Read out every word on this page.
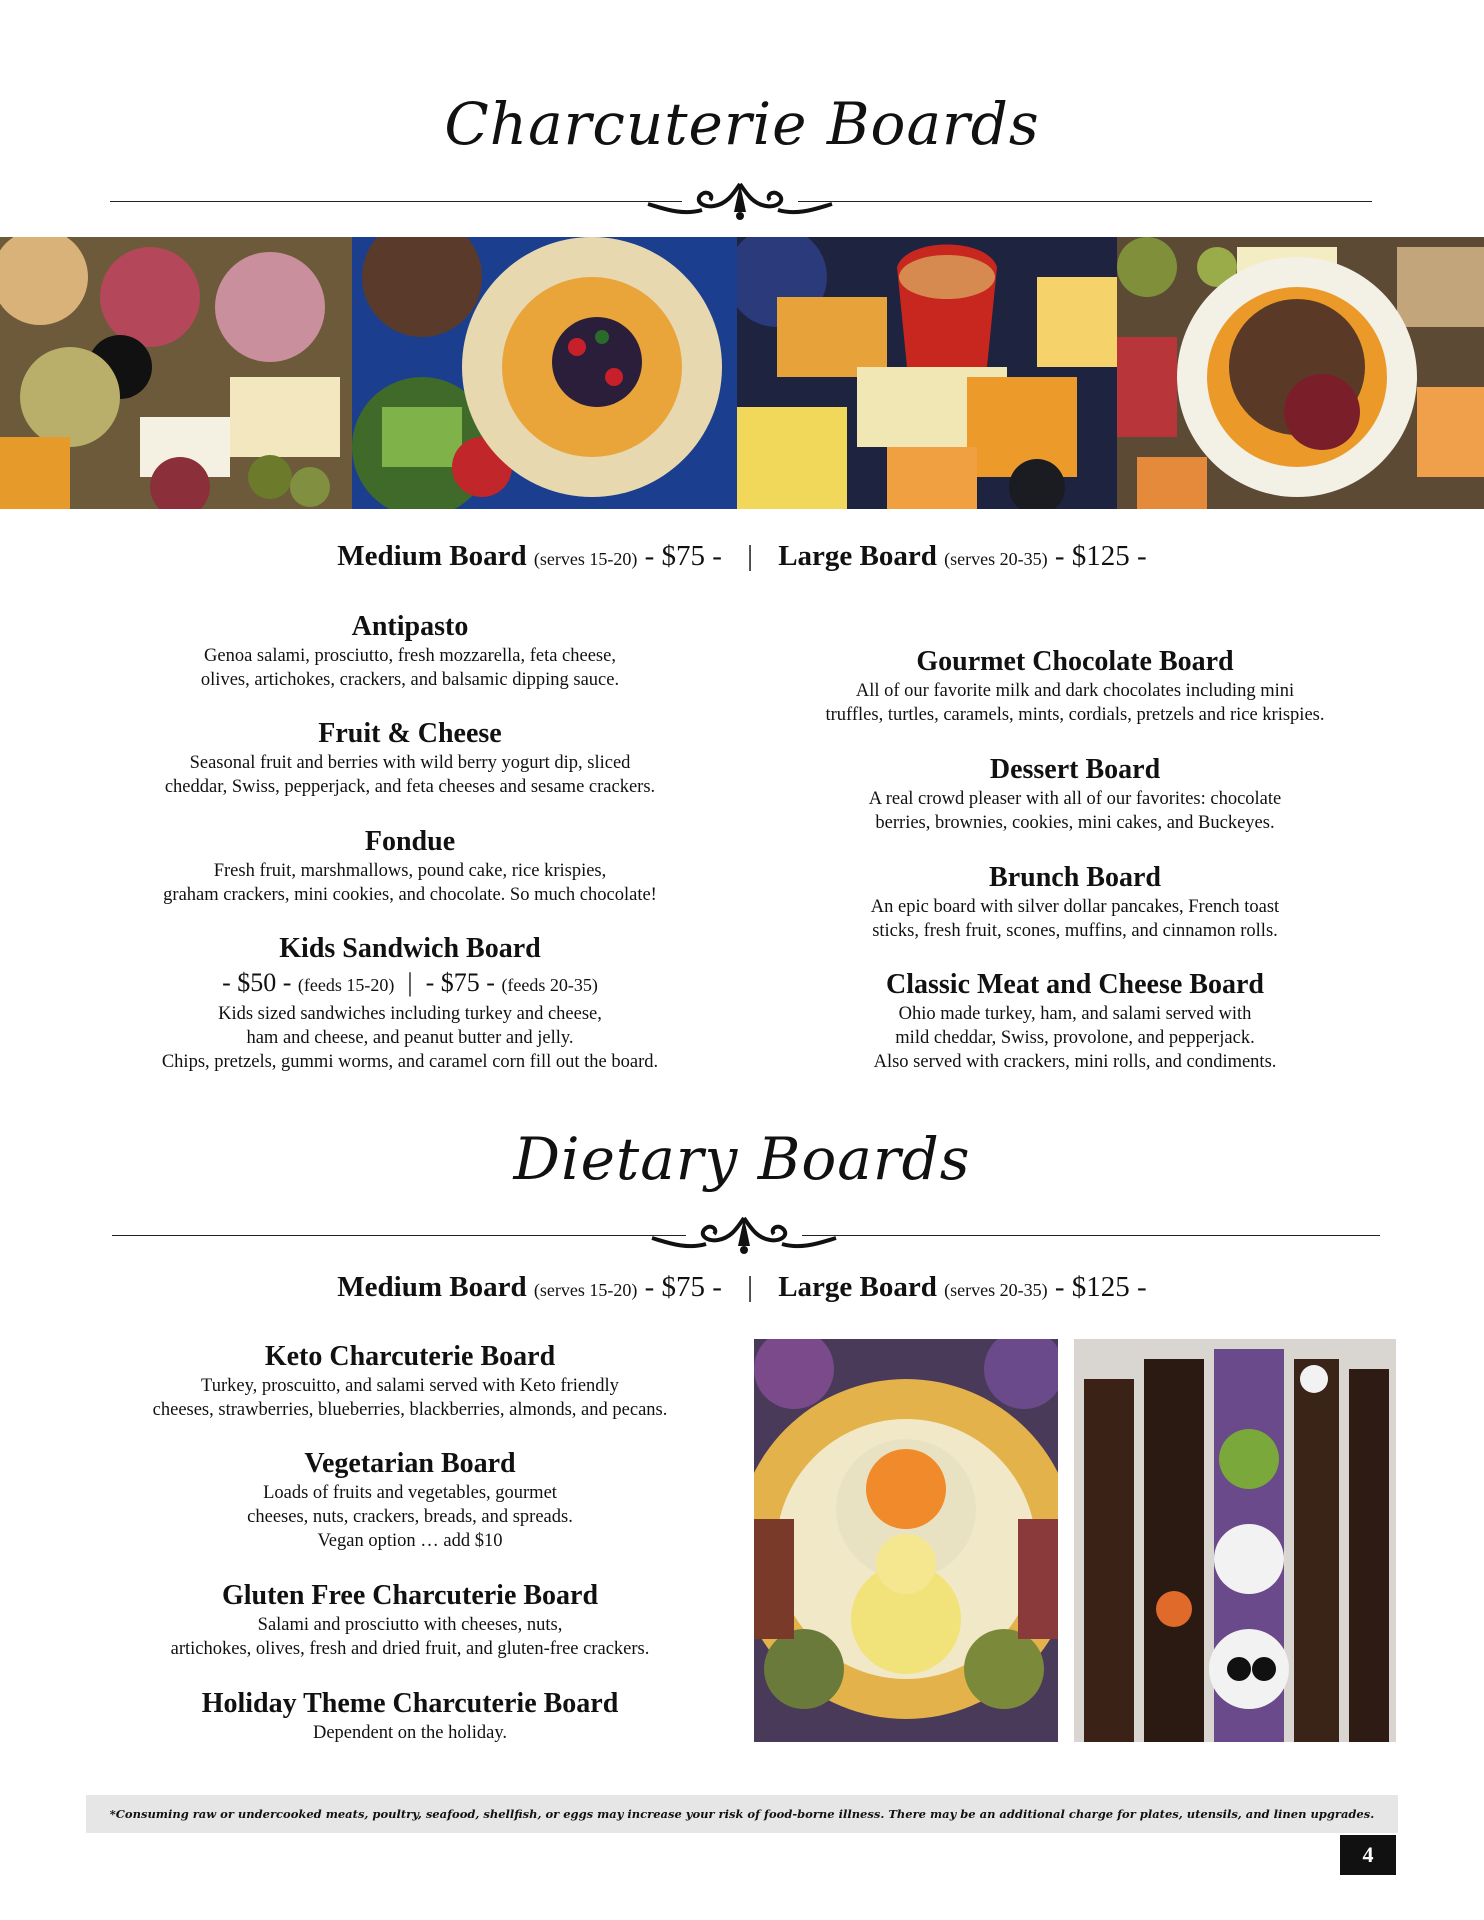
Charcuterie Boards
Medium Board (serves 15-20) - $75 - | Large Board (serves 20-35) - $125 -
Antipasto

Genoa salami, prosciutto, fresh mozzarella, feta cheese,

olives, artichokes, crackers, and balsamic dipping sauce.

Fruit & Cheese

Seasonal fruit and berries with wild berry yogurt dip, sliced

cheddar, Swiss, pepperjack, and feta cheeses and sesame crackers.

Fondue

Fresh fruit, marshmallows, pound cake, rice krispies,

graham crackers, mini cookies, and chocolate. So much chocolate!

Kids Sandwich Board
- $50 - (feeds 15-20) | - $75 - (feeds 20-35)

Kids sized sandwiches including turkey and cheese,

ham and cheese, and peanut butter and jelly.

Chips, pretzels, gummi worms, and caramel corn fill out the board.

Gourmet Chocolate Board

All of our favorite milk and dark chocolates including mini

truffles, turtles, caramels, mints, cordials, pretzels and rice krispies.

Dessert Board

A real crowd pleaser with all of our favorites: chocolate

berries, brownies, cookies, mini cakes, and Buckeyes.

Brunch Board

An epic board with silver dollar pancakes, French toast

sticks, fresh fruit, scones, muffins, and cinnamon rolls.

Classic Meat and Cheese Board

Ohio made turkey, ham, and salami served with

mild cheddar, Swiss, provolone, and pepperjack.

Also served with crackers, mini rolls, and condiments.

Dietary Boards
Medium Board (serves 15-20) - $75 - | Large Board (serves 20-35) - $125 -
Keto Charcuterie Board

Turkey, proscuitto, and salami served with Keto friendly

cheeses, strawberries, blueberries, blackberries, almonds, and pecans.

Vegetarian Board

Loads of fruits and vegetables, gourmet

cheeses, nuts, crackers, breads, and spreads.

Vegan option … add $10

Gluten Free Charcuterie Board

Salami and prosciutto with cheeses, nuts,

artichokes, olives, fresh and dried fruit, and gluten-free crackers.

Holiday Theme Charcuterie Board

Dependent on the holiday.

*Consuming raw or undercooked meats, poultry, seafood, shellfish, or eggs may increase your risk of food-borne illness. There may be an additional charge for plates, utensils, and linen upgrades.
4
